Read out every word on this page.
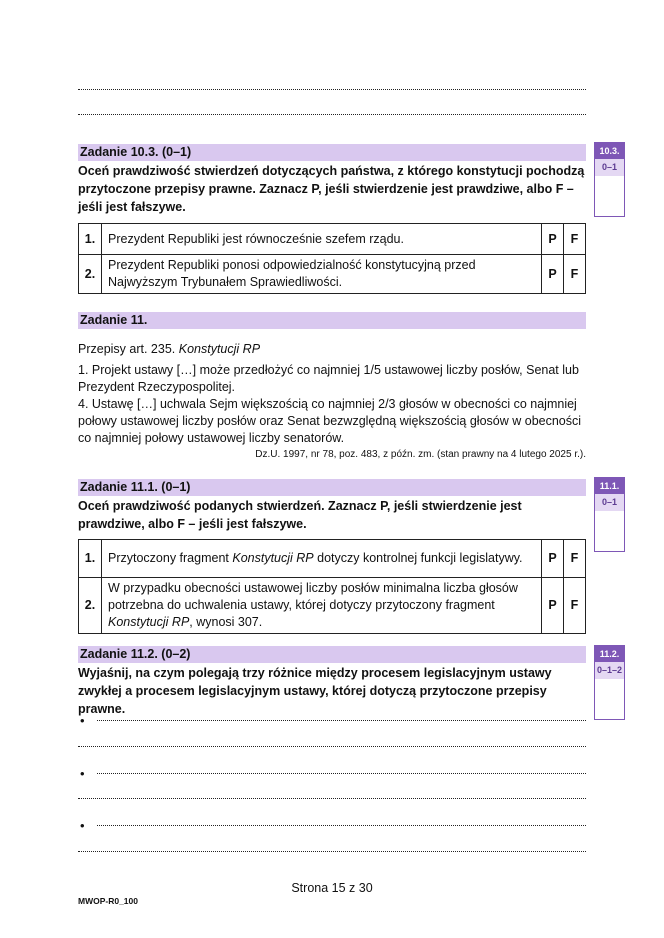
Zadanie 10.3. (0–1)
Oceń prawdziwość stwierdzeń dotyczących państwa, z którego konstytucji pochodzą przytoczone przepisy prawne. Zaznacz P, jeśli stwierdzenie jest prawdziwe, albo F – jeśli jest fałszywe.
10.3.
0–1
1.	Prezydent Republiki jest równocześnie szefem rządu.	P	F
2.	Prezydent Republiki ponosi odpowiedzialność konstytucyjną przed Najwyższym Trybunałem Sprawiedliwości.	P	F
Zadanie 11.
Przepisy art. 235. Konstytucji RP
1. Projekt ustawy […] może przedłożyć co najmniej 1/5 ustawowej liczby posłów, Senat lub Prezydent Rzeczypospolitej.
4. Ustawę […] uchwala Sejm większością co najmniej 2/3 głosów w obecności co najmniej połowy ustawowej liczby posłów oraz Senat bezwzględną większością głosów w obecności co najmniej połowy ustawowej liczby senatorów.
Dz.U. 1997, nr 78, poz. 483, z późn. zm. (stan prawny na 4 lutego 2025 r.).
Zadanie 11.1. (0–1)
Oceń prawdziwość podanych stwierdzeń. Zaznacz P, jeśli stwierdzenie jest prawdziwe, albo F – jeśli jest fałszywe.
11.1.
0–1
1.	Przytoczony fragment Konstytucji RP dotyczy kontrolnej funkcji legislatywy.	P	F
2.	W przypadku obecności ustawowej liczby posłów minimalna liczba głosów potrzebna do uchwalenia ustawy, której dotyczy przytoczony fragment Konstytucji RP, wynosi 307.	P	F
Zadanie 11.2. (0–2)
Wyjaśnij, na czym polegają trzy różnice między procesem legislacyjnym ustawy zwykłej a procesem legislacyjnym ustawy, której dotyczą przytoczone przepisy prawne.
11.2.
0–1–2
•
•
•
Strona 15 z 30
MWOP-R0_100
